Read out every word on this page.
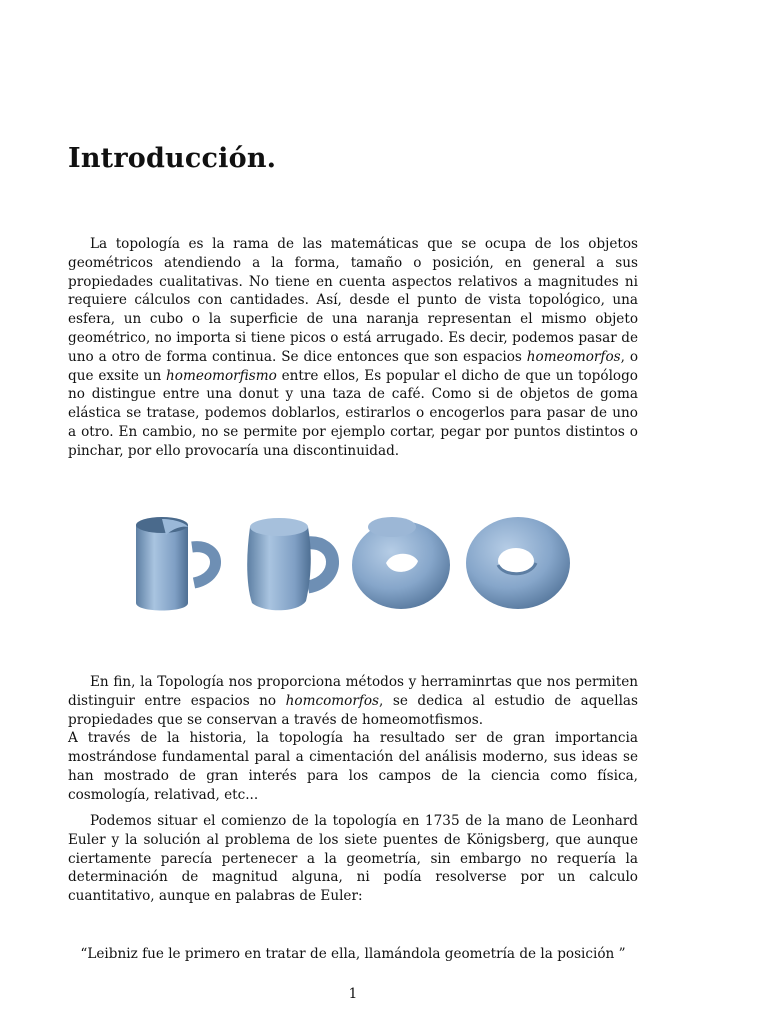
Introducción.

La topología es la rama de las matemáticas que se ocupa de los objetos geométricos atendiendo a la forma, tamaño o posición, en general a sus propiedades cualitativas. No tiene en cuenta aspectos relativos a magnitudes ni requiere cálculos con cantidades. Así, desde el punto de vista topológico, una esfera, un cubo o la superficie de una naranja representan el mismo objeto geométrico, no importa si tiene picos o está arrugado. Es decir, podemos pasar de uno a otro de forma continua. Se dice entonces que son espacios homeomorfos, o que exsite un homeomorfismo entre ellos, Es popular el dicho de que un topólogo no distingue entre una donut y una taza de café. Como si de objetos de goma elástica se tratase, podemos doblarlos, estirarlos o encogerlos para pasar de uno a otro. En cambio, no se permite por ejemplo cortar, pegar por puntos distintos o pinchar, por ello provocaría una discontinuidad.

En fin, la Topología nos proporciona métodos y herraminrtas que nos permiten distinguir entre espacios no homcomorfos, se dedica al estudio de aquellas propiedades que se conservan a través de homeomotfismos.
A través de la historia, la topología ha resultado ser de gran importancia mostrándose fundamental paral a cimentación del análisis moderno, sus ideas se han mostrado de gran interés para los campos de la ciencia como física, cosmología, relativad, etc...

Podemos situar el comienzo de la topología en 1735 de la mano de Leonhard Euler y la solución al problema de los siete puentes de Königsberg, que aunque ciertamente parecía pertenecer a la geometría, sin embargo no requería la determinación de magnitud alguna, ni podía resolverse por un calculo cuantitativo, aunque en palabras de Euler:

“Leibniz fue le primero en tratar de ella, llamándola geometría de la posición ”

1
